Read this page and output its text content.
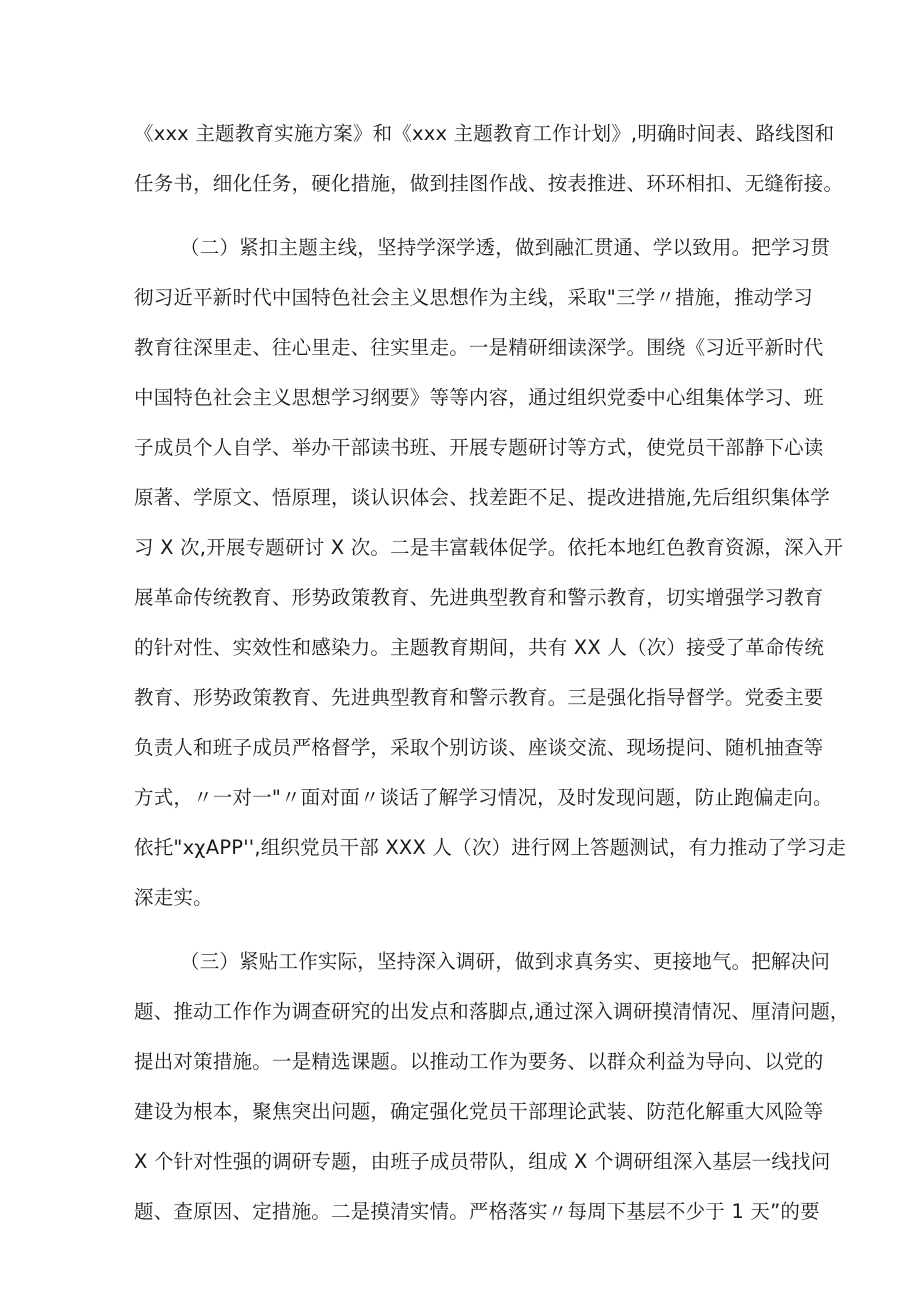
《xxx 主题教育实施方案》和《xxx 主题教育工作计划》,明确时间表、路线图和
任务书，细化任务，硬化措施，做到挂图作战、按表推进、环环相扣、无缝衔接。
（二）紧扣主题主线，坚持学深学透，做到融汇贯通、学以致用。把学习贯
彻习近平新时代中国特色社会主义思想作为主线，采取"三学〃措施，推动学习
教育往深里走、往心里走、往实里走。一是精研细读深学。围绕《习近平新时代
中国特色社会主义思想学习纲要》等等内容，通过组织党委中心组集体学习、班
子成员个人自学、举办干部读书班、开展专题研讨等方式，使党员干部静下心读
原著、学原文、悟原理，谈认识体会、找差距不足、提改进措施,先后组织集体学
习 X 次,开展专题研讨 X 次。二是丰富载体促学。依托本地红色教育资源，深入开
展革命传统教育、形势政策教育、先进典型教育和警示教育，切实增强学习教育
的针对性、实效性和感染力。主题教育期间，共有 XX 人（次）接受了革命传统
教育、形势政策教育、先进典型教育和警示教育。三是强化指导督学。党委主要
负责人和班子成员严格督学，采取个别访谈、座谈交流、现场提问、随机抽查等
方式，〃一对一"〃面对面〃谈话了解学习情况，及时发现问题，防止跑偏走向。
依托"xχAPP'',组织党员干部 XXX 人（次）进行网上答题测试，有力推动了学习走
深走实。
（三）紧贴工作实际，坚持深入调研，做到求真务实、更接地气。把解决问
题、推动工作作为调查研究的出发点和落脚点,通过深入调研摸清情况、厘清问题，
提出对策措施。一是精选课题。以推动工作为要务、以群众利益为导向、以党的
建设为根本，聚焦突出问题，确定强化党员干部理论武装、防范化解重大风险等
X 个针对性强的调研专题，由班子成员带队，组成 X 个调研组深入基层一线找问
题、查原因、定措施。二是摸清实情。严格落实〃每周下基层不少于 1 天”的要
